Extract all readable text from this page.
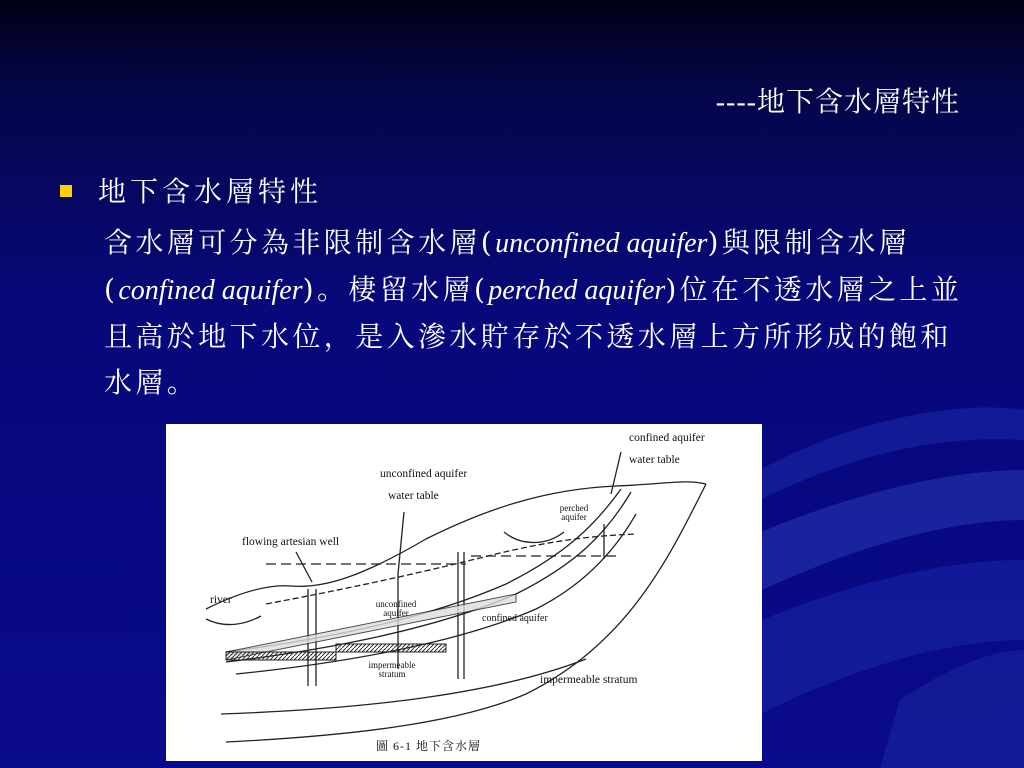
----地下含水層特性
地下含水層特性
含水層可分為非限制含水層(unconfined aquifer)與限制含水層(confined aquifer)。棲留水層(perched aquifer)位在不透水層之上並且高於地下水位，是入滲水貯存於不透水層上方所形成的飽和水層。
confined aquifer
water table
unconfined aquifer
water table
flowing artesian well
river
perched aquifer
unconfined aquifer	confined aquifer
impermeable stratum	impermeable stratum
圖 6-1 地下含水層
